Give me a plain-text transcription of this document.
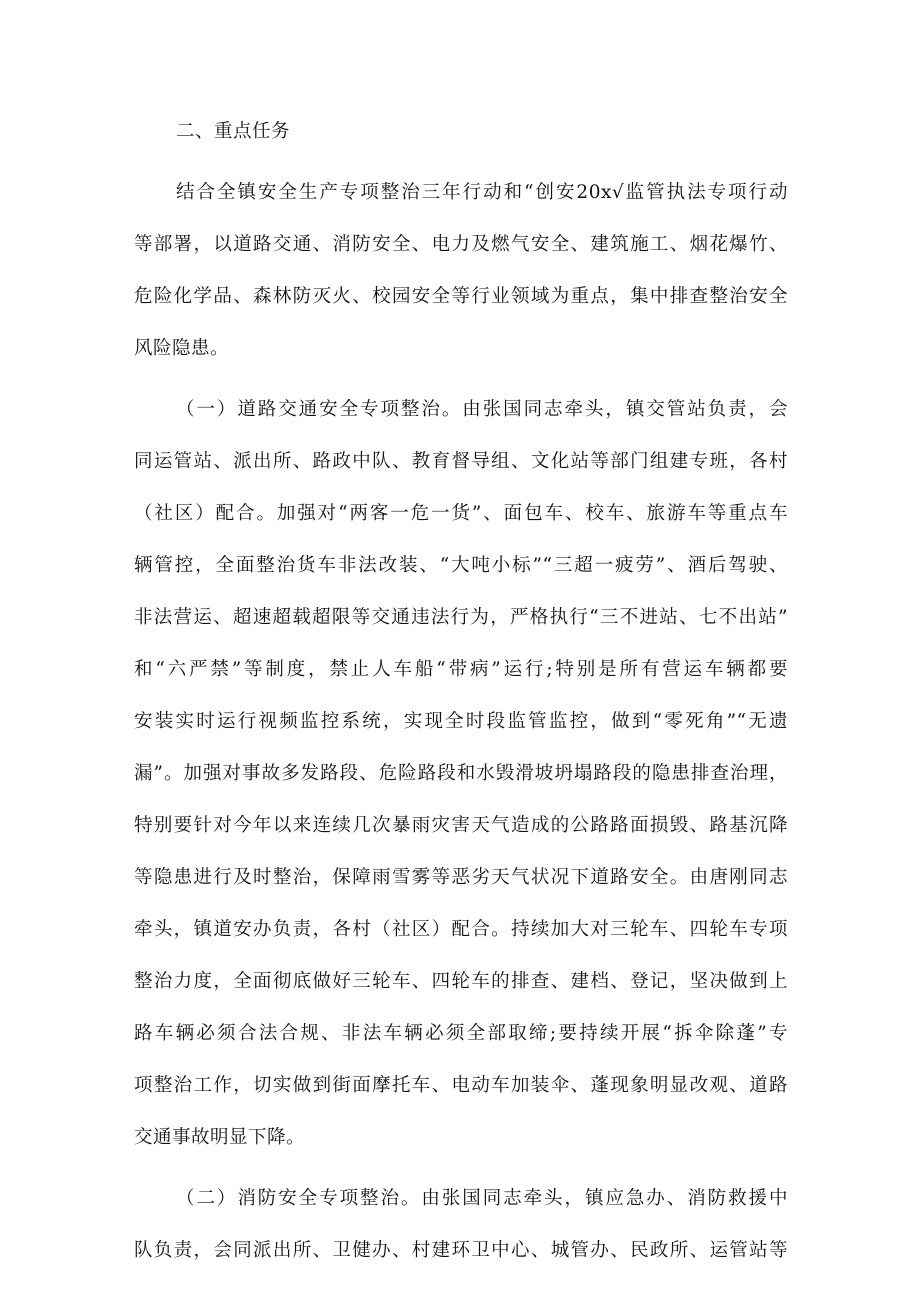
二、重点任务
结合全镇安全生产专项整治三年行动和“创安20x√监管执法专项行动
等部署，以道路交通、消防安全、电力及燃气安全、建筑施工、烟花爆竹、
危险化学品、森林防灭火、校园安全等行业领域为重点，集中排查整治安全
风险隐患。
（一）道路交通安全专项整治。由张国同志牵头，镇交管站负责，会
同运管站、派出所、路政中队、教育督导组、文化站等部门组建专班，各村
（社区）配合。加强对“两客一危一货”、面包车、校车、旅游车等重点车
辆管控，全面整治货车非法改装、“大吨小标”“三超一疲劳”、酒后驾驶、
非法营运、超速超载超限等交通违法行为，严格执行“三不进站、七不出站”
和“六严禁”等制度，禁止人车船“带病”运行;特别是所有营运车辆都要
安装实时运行视频监控系统，实现全时段监管监控，做到“零死角”“无遗
漏”。加强对事故多发路段、危险路段和水毁滑坡坍塌路段的隐患排查治理，
特别要针对今年以来连续几次暴雨灾害天气造成的公路路面损毁、路基沉降
等隐患进行及时整治，保障雨雪雾等恶劣天气状况下道路安全。由唐刚同志
牵头，镇道安办负责，各村（社区）配合。持续加大对三轮车、四轮车专项
整治力度，全面彻底做好三轮车、四轮车的排查、建档、登记，坚决做到上
路车辆必须合法合规、非法车辆必须全部取缔;要持续开展“拆伞除蓬”专
项整治工作，切实做到街面摩托车、电动车加装伞、蓬现象明显改观、道路
交通事故明显下降。
（二）消防安全专项整治。由张国同志牵头，镇应急办、消防救援中
队负责，会同派出所、卫健办、村建环卫中心、城管办、民政所、运管站等
